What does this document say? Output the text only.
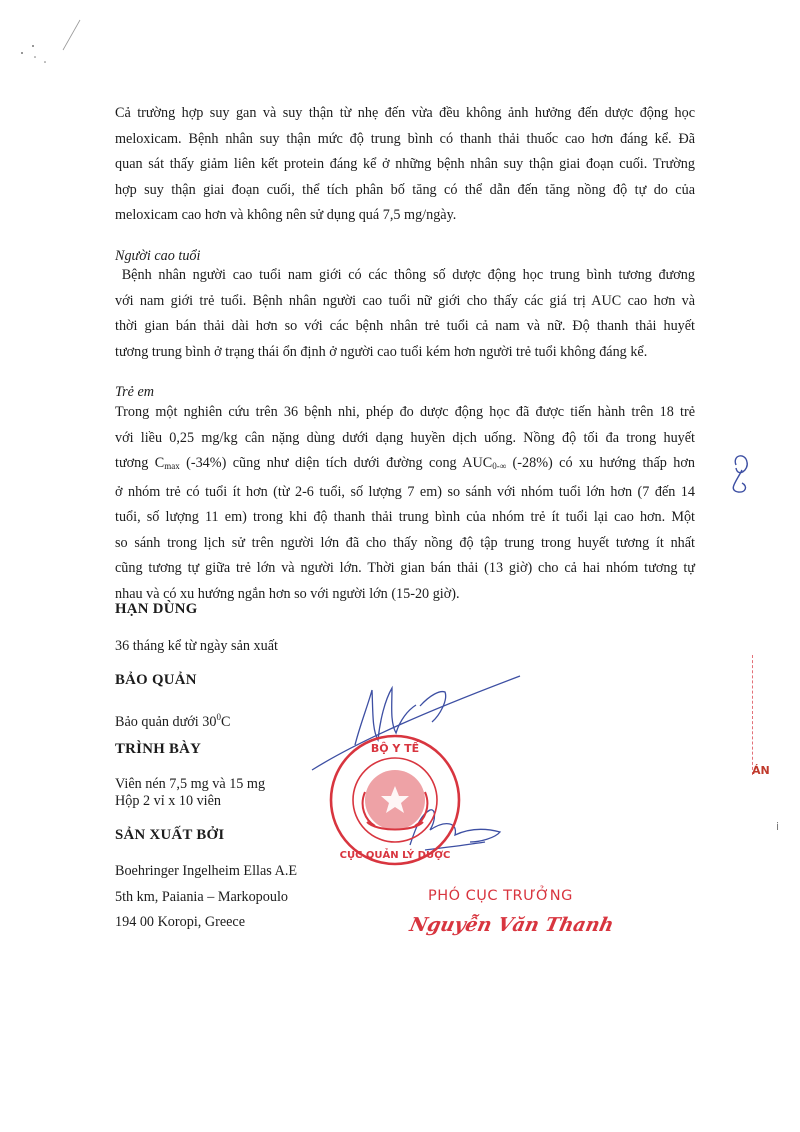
Cả trường hợp suy gan và suy thận từ nhẹ đến vừa đều không ảnh hưởng đến dược động học
meloxicam. Bệnh nhân suy thận mức độ trung bình có thanh thải thuốc cao hơn đáng kể. Đã
quan sát thấy giảm liên kết protein đáng kể ở những bệnh nhân suy thận giai đoạn cuối. Trường
hợp suy thận giai đoạn cuối, thể tích phân bố tăng có thể dẫn đến tăng nồng độ tự do của
meloxicam cao hơn và không nên sử dụng quá 7,5 mg/ngày.

Người cao tuổi

Bệnh nhân người cao tuổi nam giới có các thông số dược động học trung bình tương đương
với nam giới trẻ tuổi. Bệnh nhân người cao tuổi nữ giới cho thấy các giá trị AUC cao hơn và
thời gian bán thải dài hơn so với các bệnh nhân trẻ tuổi cả nam và nữ. Độ thanh thải huyết
tương trung bình ở trạng thái ổn định ở người cao tuổi kém hơn người trẻ tuổi không đáng kể.

Trẻ em

Trong một nghiên cứu trên 36 bệnh nhi, phép đo dược động học đã được tiến hành trên 18 trẻ
với liều 0,25 mg/kg cân nặng dùng dưới dạng huyền dịch uống. Nồng độ tối đa trong huyết
tương $C_{max}$ (-34%) cũng như diện tích dưới đường cong $AUC_{0-\infty}$ (-28%) có xu hướng thấp hơn
ở nhóm trẻ có tuổi ít hơn (từ 2-6 tuổi, số lượng 7 em) so sánh với nhóm tuổi lớn hơn (7 đến 14
tuổi, số lượng 11 em) trong khi độ thanh thải trung bình của nhóm trẻ ít tuổi lại cao hơn. Một
so sánh trong lịch sử trên người lớn đã cho thấy nồng độ tập trung trong huyết tương ít nhất
cũng tương tự giữa trẻ lớn và người lớn. Thời gian bán thải (13 giờ) cho cả hai nhóm tương tự
nhau và có xu hướng ngắn hơn so với người lớn (15-20 giờ).

HẠN DÙNG

36 tháng kể từ ngày sản xuất

BẢO QUẢN

Bảo quản dưới $30^0C$

TRÌNH BÀY

Viên nén 7,5 mg và 15 mg

Hộp 2 vỉ x 10 viên

SẢN XUẤT BỞI

Boehringer Ingelheim Ellas A.E
5th km, Paiania – Markopoulo
194 00 Koropi, Greece
BỘ Y TẾ
CỤC QUẢN LÝ DƯỢC
PHÓ CỤC TRƯỞNG
Nguyễn Văn Thanh
ÁN
i
